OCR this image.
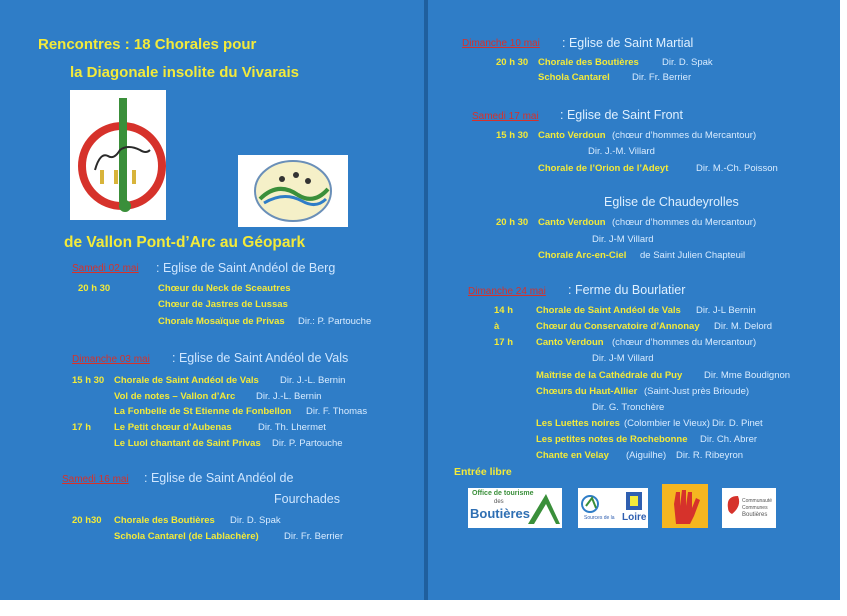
Rencontres : 18 Chorales pour
la Diagonale insolite du Vivarais
de Vallon Pont-d’Arc au Géopark
Samedi 02 mai : Eglise de Saint Andéol de Berg
20 h 30	Chœur du Neck de Sceautres
Chœur de Jastres de Lussas
Chorale Mosaïque de Privas Dir.: P. Partouche
Dimanche 03 mai : Eglise de Saint Andéol de Vals
15 h 30 Chorale de Saint Andéol de Vals Dir. J.-L. Bernin
Vol de notes – Vallon d’Arc Dir. J.-L. Bernin
La Fonbelle de St Etienne de Fonbellon Dir. F. Thomas
17 h Le Petit chœur d’Aubenas	Dir. Th. Lhermet
Le Luol chantant de Saint Privas Dir. P. Partouche
Samedi 16 mai : Eglise de Saint Andéol de
Fourchades
20 h30 Chorale des Boutières Dir. D. Spak
Schola Cantarel (de Lablachère)	Dir. Fr. Berrier
Dimanche 10 mai : Eglise de Saint Martial
20 h 30 Chorale des Boutières Dir. D. Spak
Schola Cantarel Dir. Fr. Berrier
Samedi 17 mai : Eglise de Saint Front
15 h 30 Canto Verdoun (chœur d’hommes du Mercantour)
Dir. J.-M. Villard
Chorale de l’Orion de l’Adeyt	Dir. M.-Ch. Poisson
Eglise de Chaudeyrolles
20 h 30 Canto Verdoun (chœur d’hommes du Mercantour)
Dir. J-M Villard
Chorale Arc-en-Ciel de Saint Julien Chapteuil
Dimanche 24 mai : Ferme du Bourlatier
14 h Chorale de Saint Andéol de Vals Dir. J-L Bernin
à	Chœur du Conservatoire d’Annonay Dir. M. Delord
17 h Canto Verdoun (chœur d’hommes du Mercantour)
Dir. J-M Villard
Maîtrise de la Cathédrale du Puy Dir. Mme Boudignon
Chœurs du Haut-Allier (Saint-Just près Brioude)
Dir. G. Tronchère
Les Luettes noires (Colombier le Vieux) Dir. D. Pinet
Les petites notes de Rochebonne Dir. Ch. Abrer
Chante en Velay (Aiguilhe) Dir. R. Ribeyron
Entrée libre
Office de tourisme
des
Boutières	Sources de la Loire
Communauté
Communes
Boutières
